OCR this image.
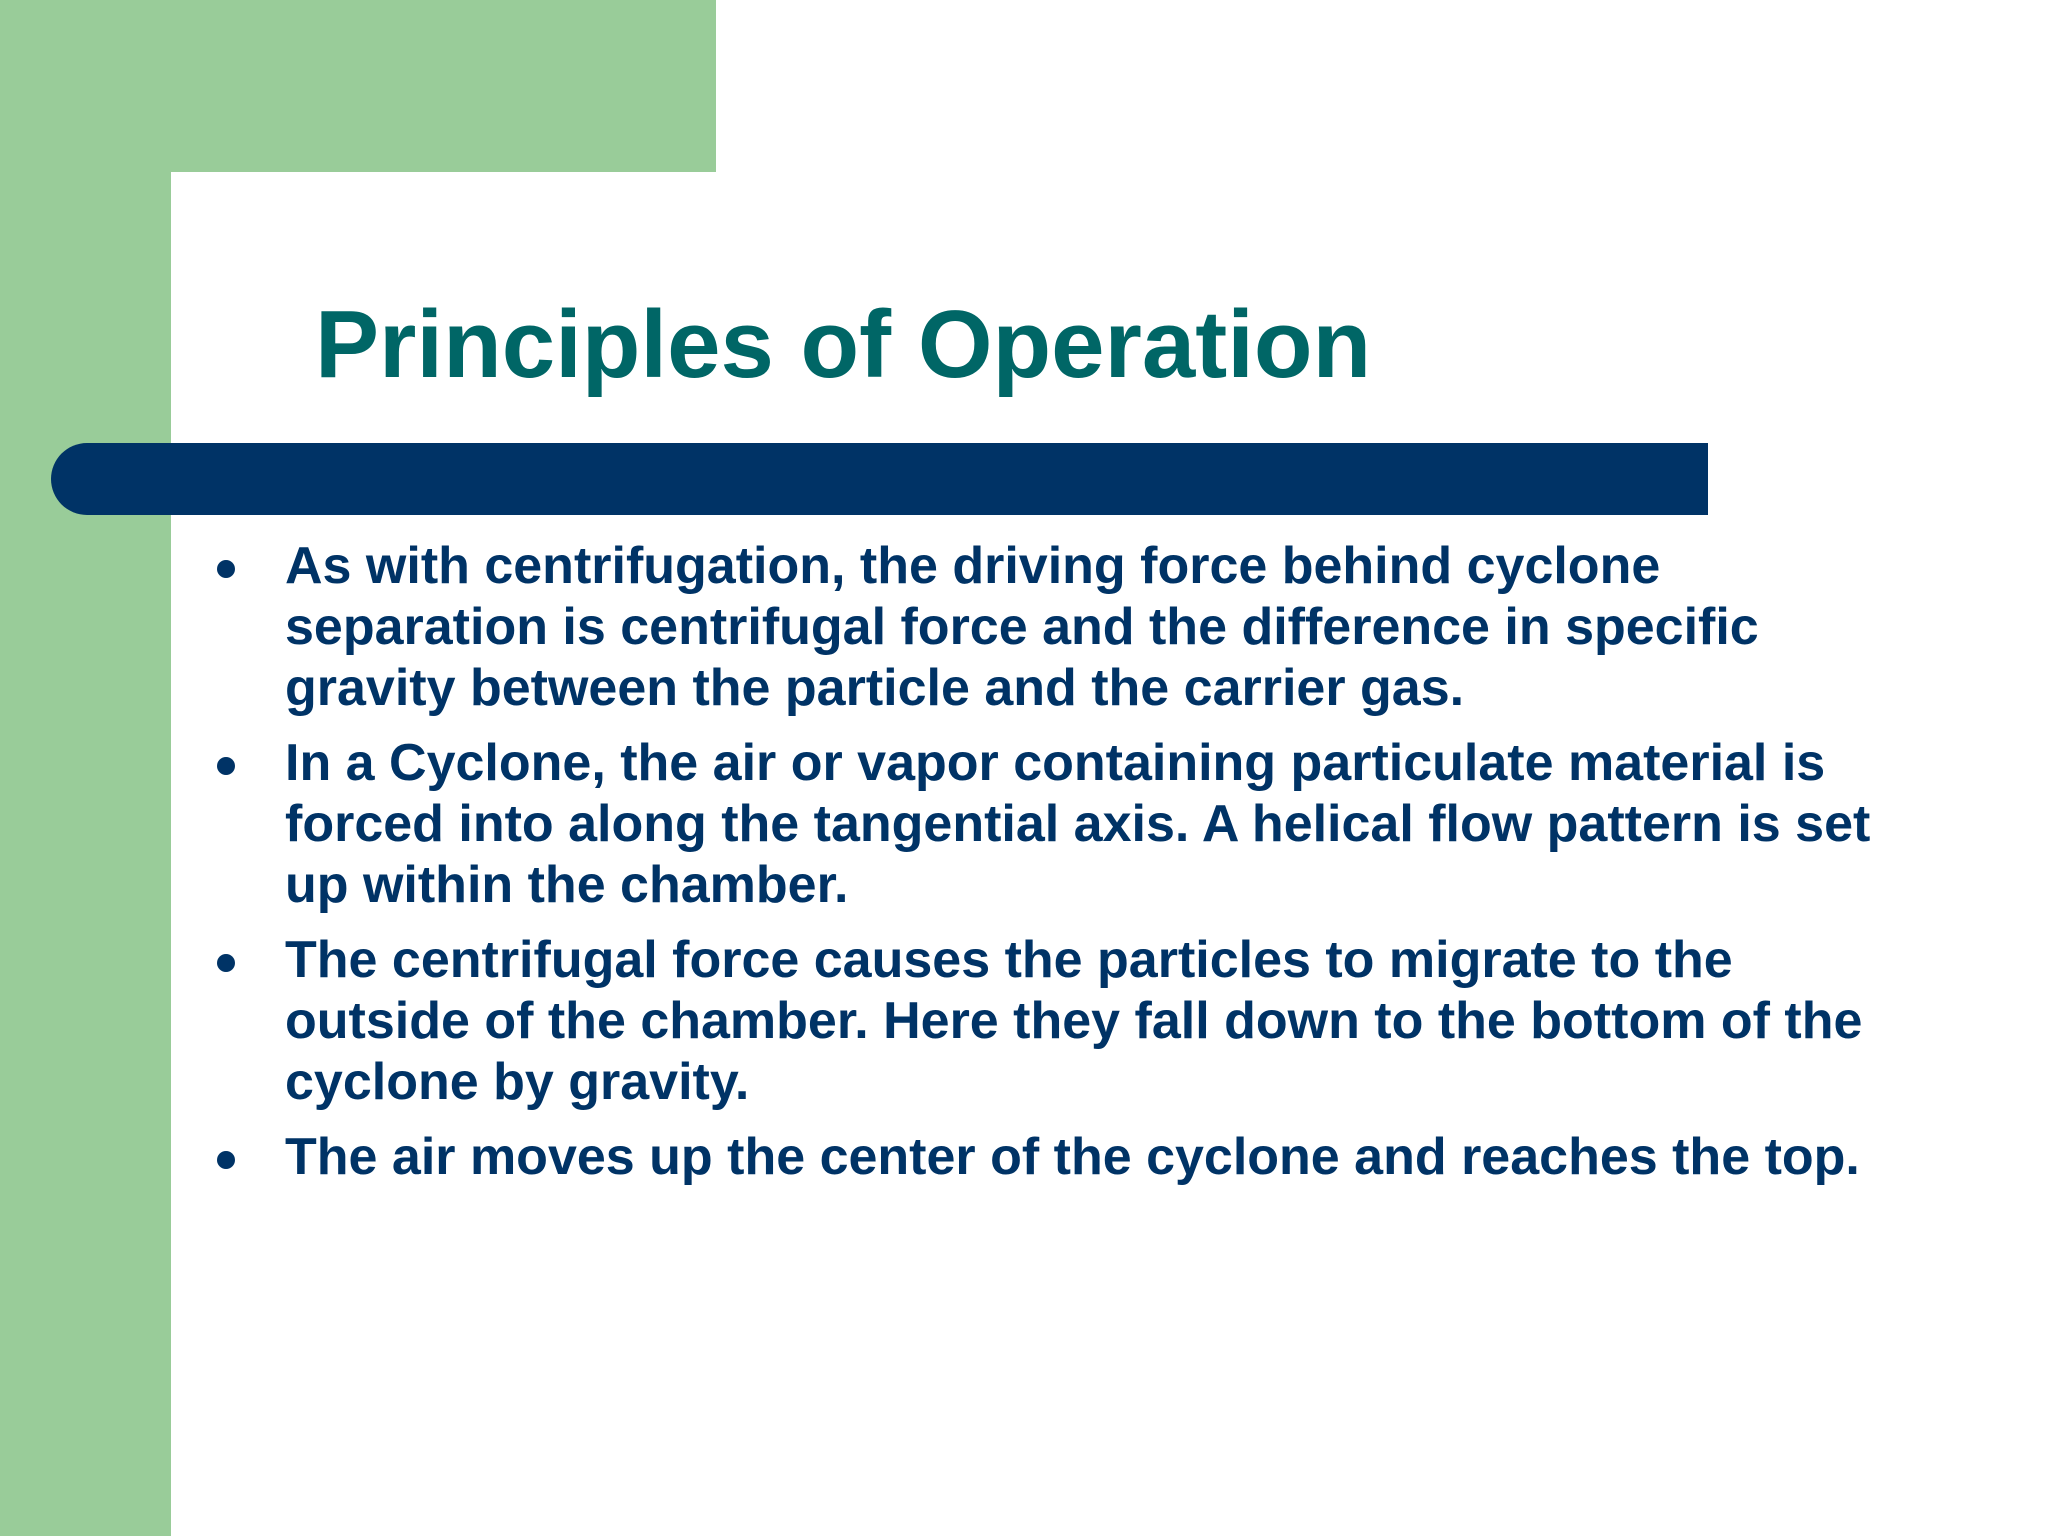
Principles of Operation
As with centrifugation, the driving force behind cyclone separation is centrifugal force and the difference in specific gravity between the particle and the carrier gas.
In a Cyclone, the air or vapor containing particulate material is forced into along the tangential axis. A helical flow pattern is set up within the chamber.
The centrifugal force causes the particles to migrate to the outside of the chamber. Here they fall down to the bottom of the cyclone by gravity.
The air moves up the center of the cyclone and reaches the top.
